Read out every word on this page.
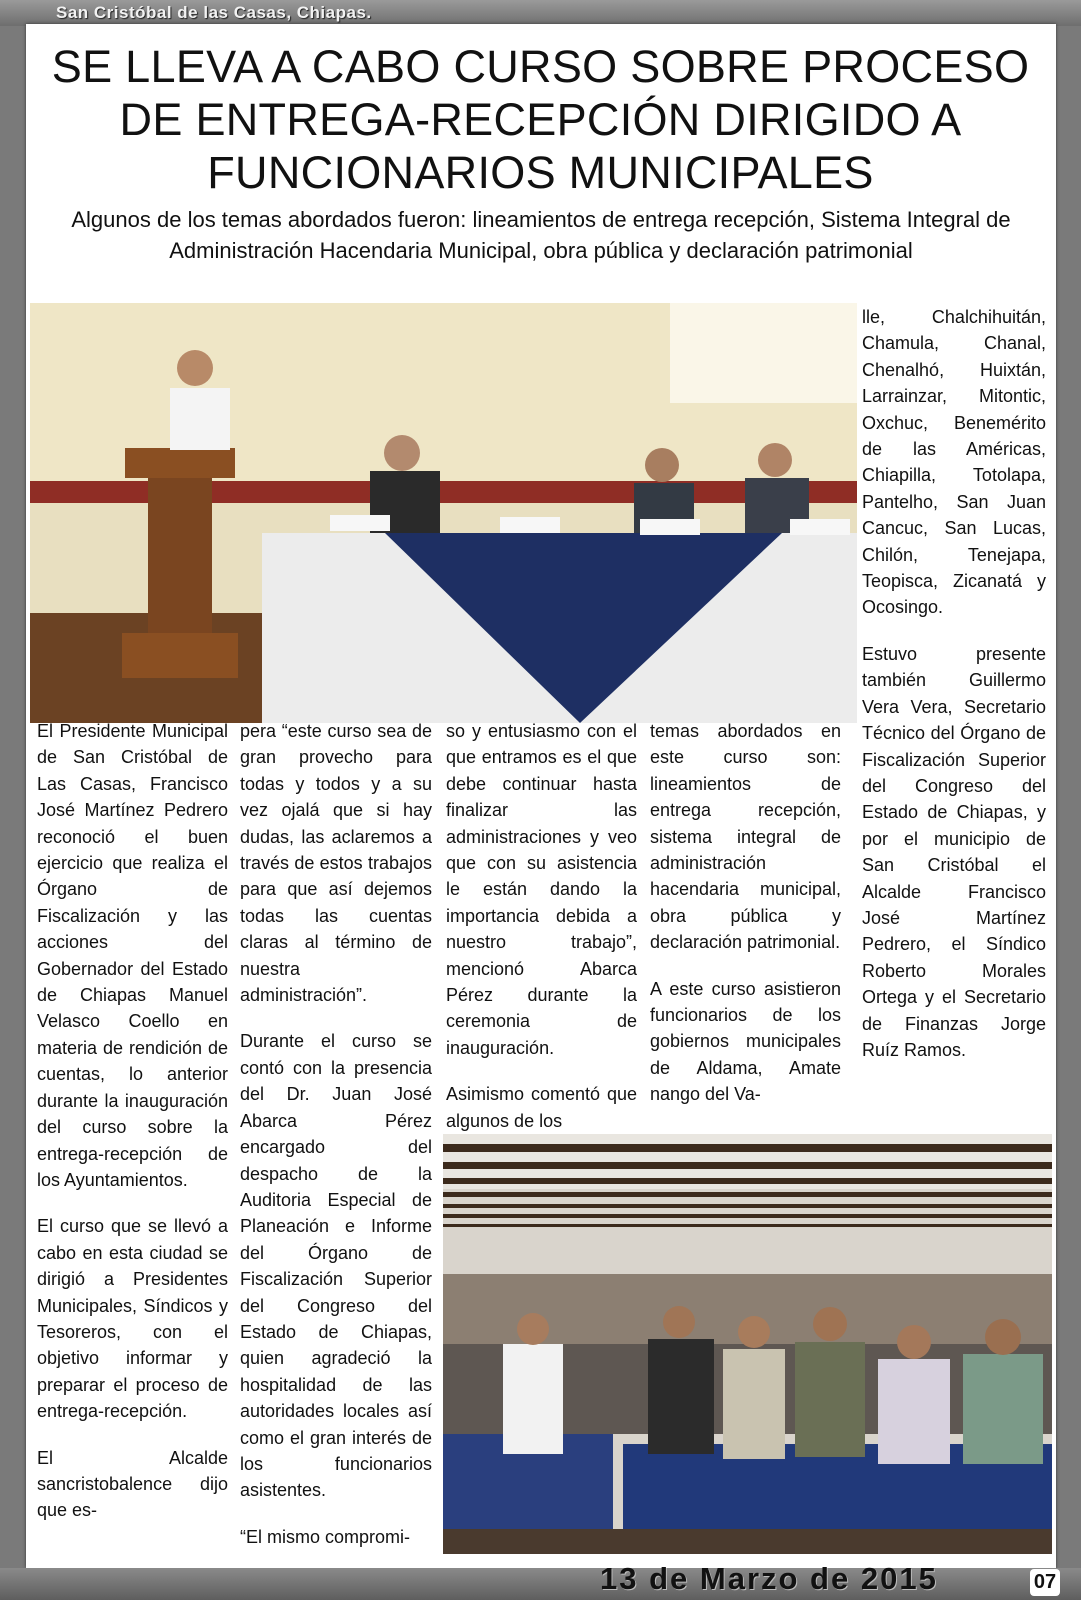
San Cristóbal de las Casas, Chiapas.
SE LLEVA A CABO CURSO SOBRE PROCESO DE ENTREGA-RECEPCIÓN DIRIGIDO A FUNCIONARIOS MUNICIPALES

Algunos de los temas abordados fueron: lineamientos de entrega recepción, Sistema Integral de Administración Hacendaria Municipal, obra pública y declaración patrimonial

El Presidente Municipal de San Cristóbal de Las Casas, Francisco José Martínez Pedrero reconoció el buen ejercicio que realiza el Órgano de Fiscalización y las acciones del Gobernador del Estado de Chiapas Manuel Velasco Coello en materia de rendición de cuentas, lo anterior durante la inauguración del curso sobre la entrega-recepción de los Ayuntamientos.

El curso que se llevó a cabo en esta ciudad se dirigió a Presidentes Municipales, Síndicos y Tesoreros, con el objetivo informar y preparar el proceso de entrega-recepción.

El Alcalde sancristobalence dijo que es-

pera “este curso sea de gran provecho para todas y todos y a su vez ojalá que si hay dudas, las aclaremos a través de estos trabajos para que así dejemos todas las cuentas claras al término de nuestra administración”.

Durante el curso se contó con la presencia del Dr. Juan José Abarca Pérez encargado del despacho de la Auditoria Especial de Planeación e Informe del Órgano de Fiscalización Superior del Congreso del Estado de Chiapas, quien agradeció la hospitalidad de las autoridades locales así como el gran interés de los funcionarios asistentes.

“El mismo compromi-

so y entusiasmo con el que entramos es el que debe continuar hasta finalizar las administraciones y veo que con su asistencia le están dando la importancia debida a nuestro trabajo”, mencionó Abarca Pérez durante la ceremonia de inauguración.

Asimismo comentó que algunos de los

temas abordados en este curso son: lineamientos de entrega recepción, sistema integral de administración hacendaria municipal, obra pública y declaración patrimonial.

A este curso asistieron funcionarios de los gobiernos municipales de Aldama, Amate nango del Va-

lle, Chalchihuitán, Chamula, Chanal, Chenalhó, Huixtán, Larrainzar, Mitontic, Oxchuc, Benemérito de las Américas, Chiapilla, Totolapa, Pantelho, San Juan Cancuc, San Lucas, Chilón, Tenejapa, Teopisca, Zicanatá y Ocosingo.

Estuvo presente también Guillermo Vera Vera, Secretario Técnico del Órgano de Fiscalización Superior del Congreso del Estado de Chiapas, y por el municipio de San Cristóbal el Alcalde Francisco José Martínez Pedrero, el Síndico Roberto Morales Ortega y el Secretario de Finanzas Jorge Ruíz Ramos.

13 de Marzo de 2015	07
